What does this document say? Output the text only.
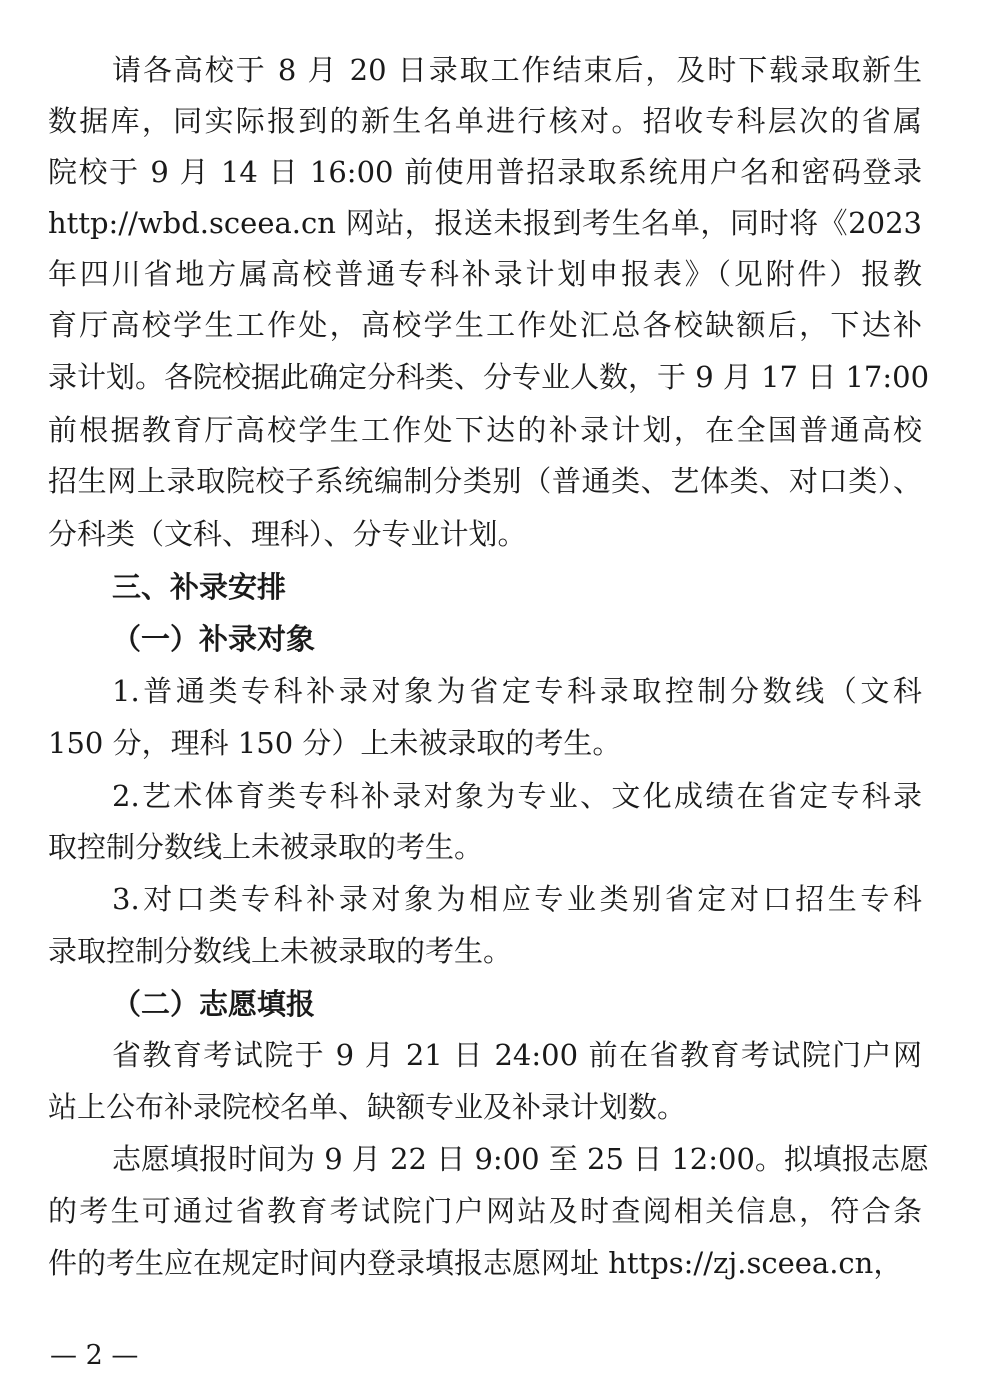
请各高校于 8 月 20 日录取工作结束后，及时下载录取新生
数据库，同实际报到的新生名单进行核对。招收专科层次的省属
院校于 9 月 14 日 16:00 前使用普招录取系统用户名和密码登录
http://wbd.sceea.cn 网站，报送未报到考生名单，同时将《2023
年四川省地方属高校普通专科补录计划申报表》（见附件）报教
育厅高校学生工作处，高校学生工作处汇总各校缺额后，下达补
录计划。各院校据此确定分科类、分专业人数，于 9 月 17 日 17:00
前根据教育厅高校学生工作处下达的补录计划，在全国普通高校
招生网上录取院校子系统编制分类别（普通类、艺体类、对口类）、
分科类（文科、理科）、分专业计划。
三、补录安排
（一）补录对象
1.普通类专科补录对象为省定专科录取控制分数线（文科
150 分，理科 150 分）上未被录取的考生。
2.艺术体育类专科补录对象为专业、文化成绩在省定专科录
取控制分数线上未被录取的考生。
3.对口类专科补录对象为相应专业类别省定对口招生专科
录取控制分数线上未被录取的考生。
（二）志愿填报
省教育考试院于 9 月 21 日 24:00 前在省教育考试院门户网
站上公布补录院校名单、缺额专业及补录计划数。
志愿填报时间为 9 月 22 日 9:00 至 25 日 12:00。拟填报志愿
的考生可通过省教育考试院门户网站及时查阅相关信息，符合条
件的考生应在规定时间内登录填报志愿网址 https://zj.sceea.cn，
— 2 —
